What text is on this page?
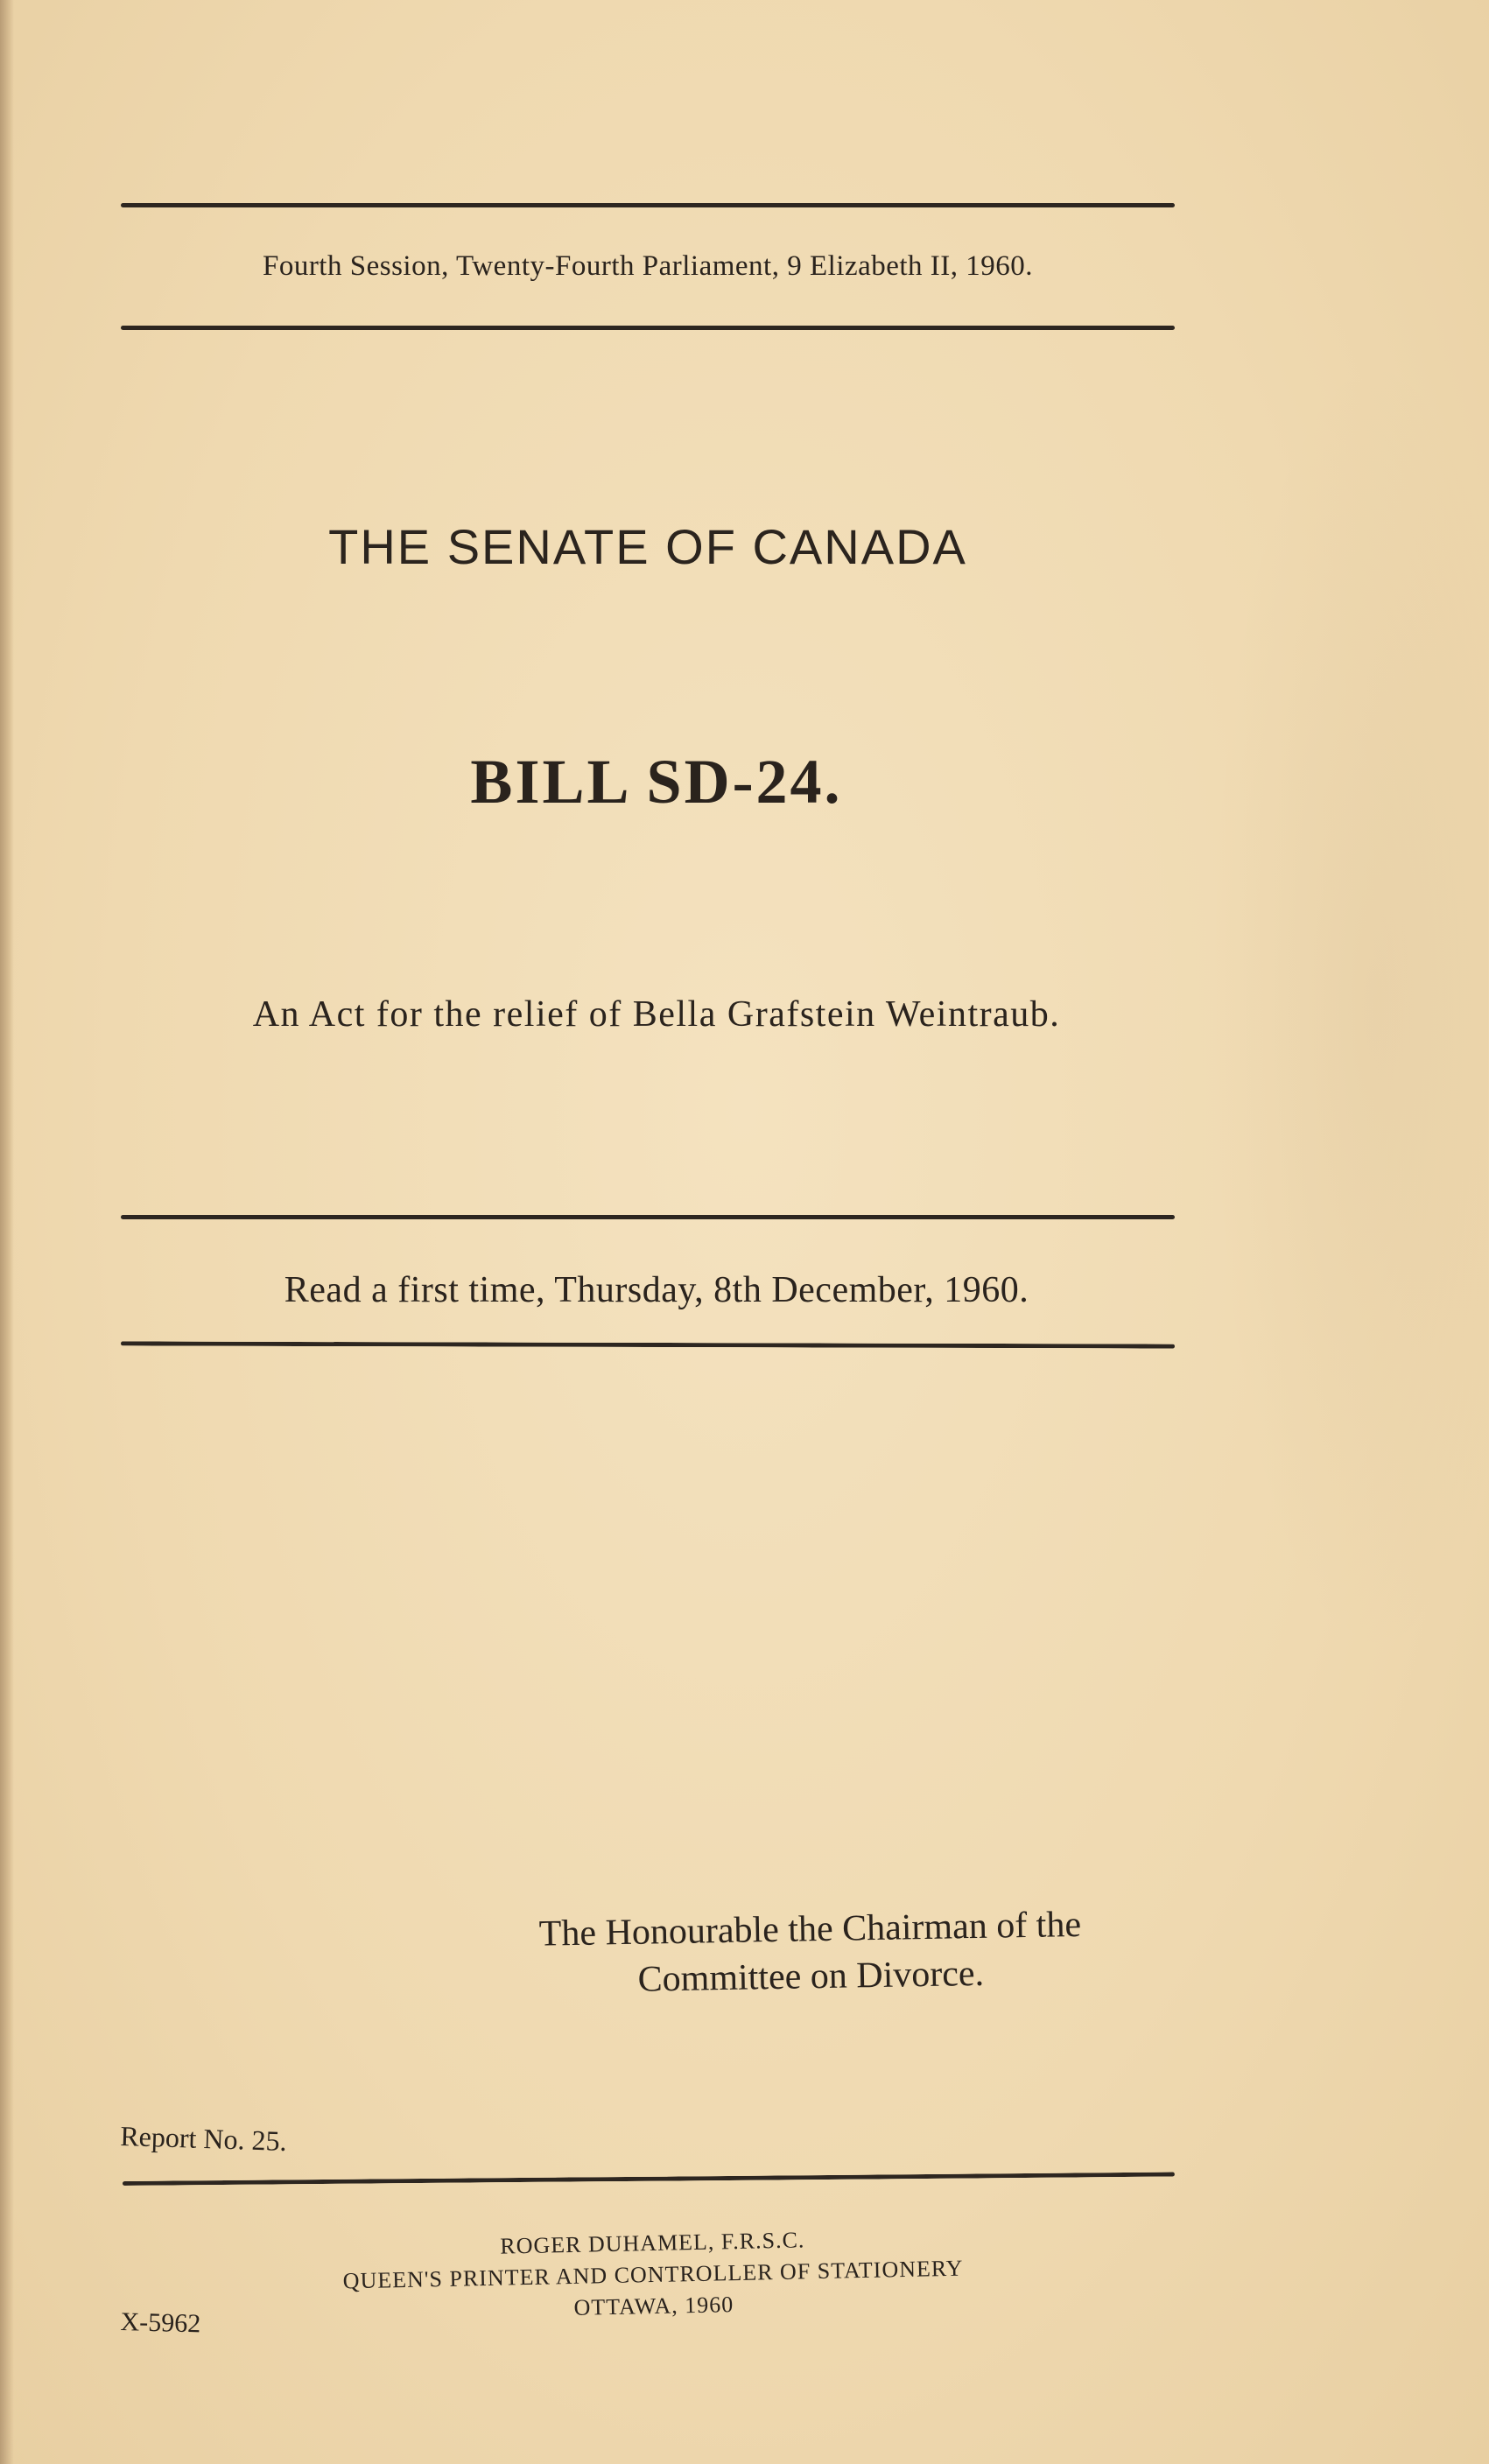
Fourth Session, Twenty-Fourth Parliament, 9 Elizabeth II, 1960.
THE SENATE OF CANADA
BILL SD-24.
An Act for the relief of Bella Grafstein Weintraub.
Read a first time, Thursday, 8th December, 1960.
The Honourable the Chairman of the
Committee on Divorce.
Report No. 25.
ROGER DUHAMEL, F.R.S.C.
QUEEN'S PRINTER AND CONTROLLER OF STATIONERY
OTTAWA, 1960
X-5962
